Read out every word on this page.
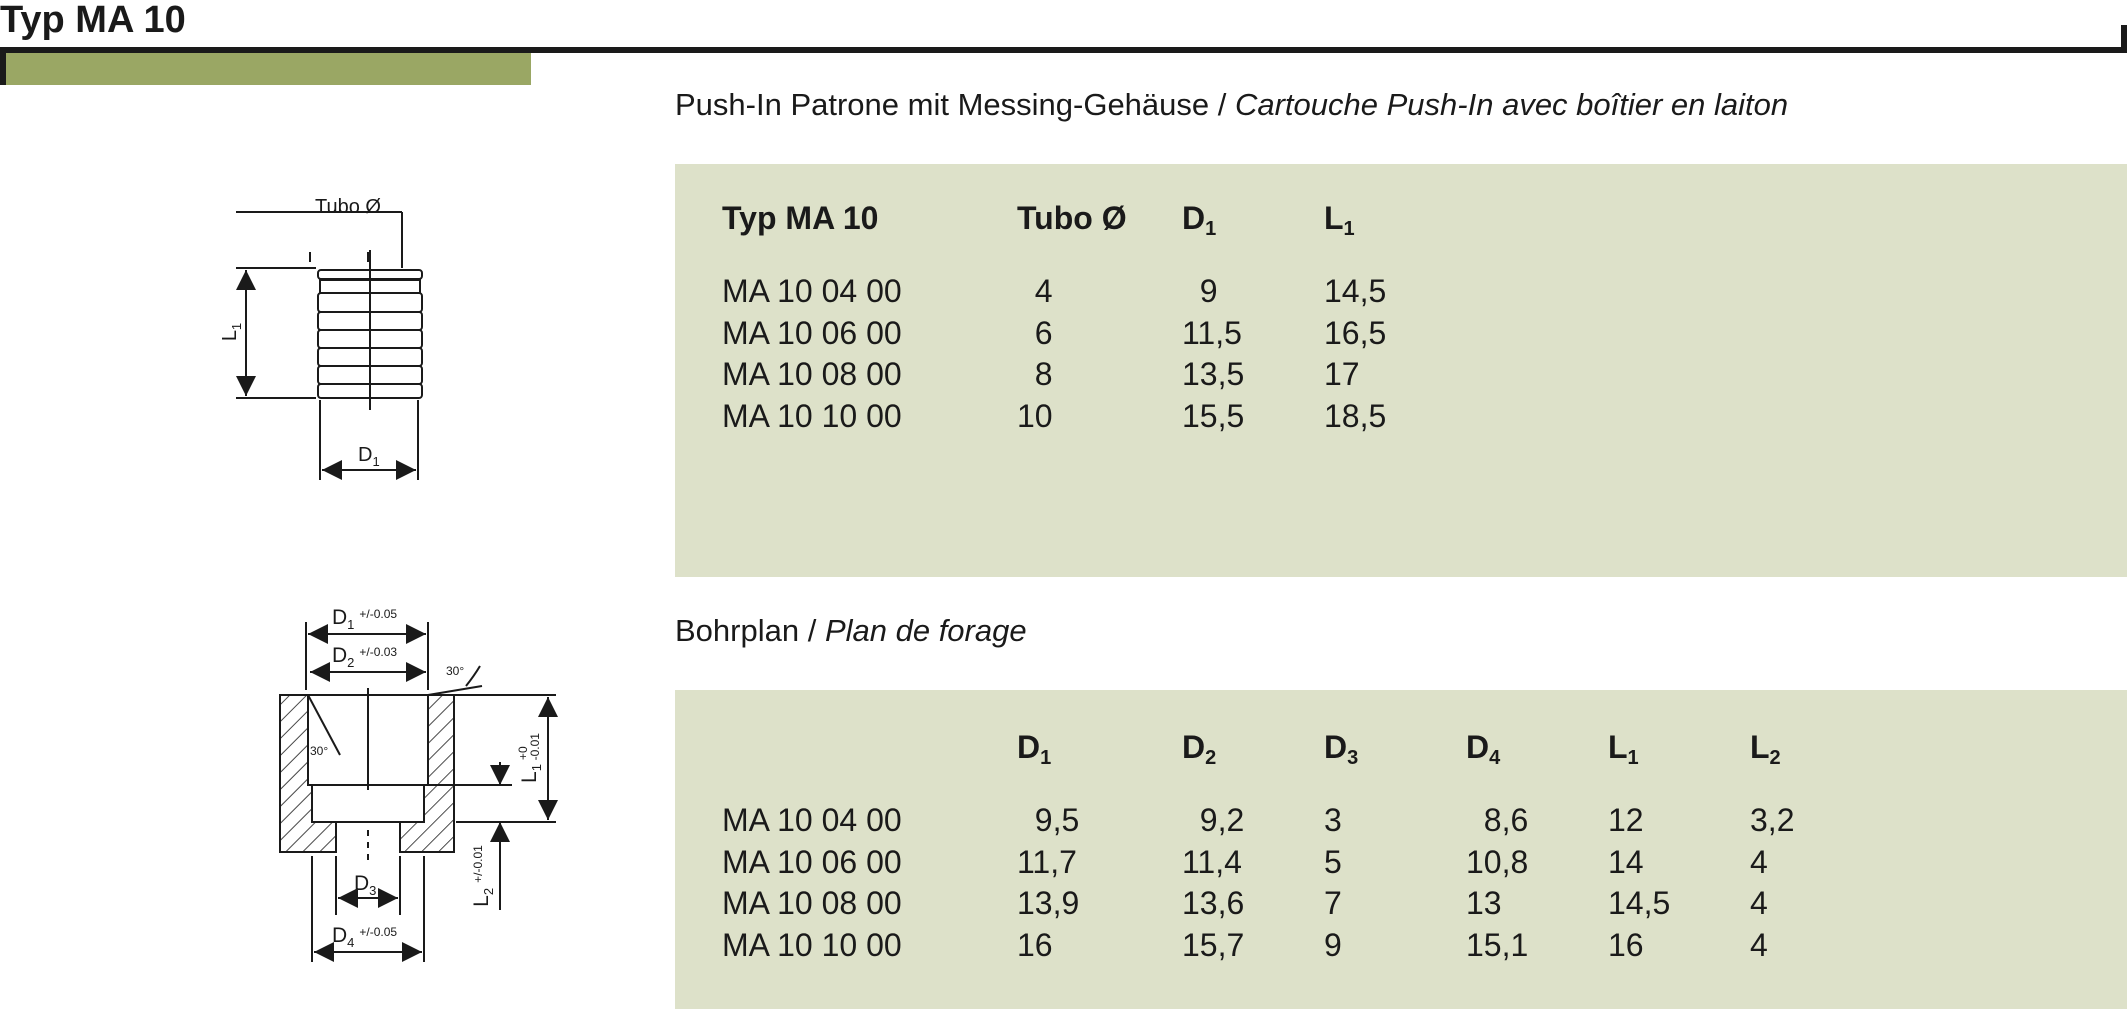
Typ MA 10
Tubo Ø
$L_1$
$D_1$
$D_1^{+/-0.05}$
$D_2^{+/-0.03}$
30°
30°
$L_1^{+0}-0.01$
$L_2^{+/-0.01}$
$D_3$
$D_4^{+/-0.05}$
Push-In Patrone mit Messing-Gehäuse / Cartouche Push-In avec boîtier en laiton
Typ MA 10	Tubo Ø	$D_1$	$L_1$

MA 10 04 00	4	9	14,5
MA 10 06 00	6	11,5	16,5
MA 10 08 00	8	13,5	17
MA 10 10 00	10	15,5	18,5
Bohrplan / Plan de forage
	$D_1$	$D_2$	$D_3$	$D_4$	$L_1$	$L_2$

MA 10 04 00	9,5	9,2	3	8,6	12	3,2
MA 10 06 00	11,7	11,4	5	10,8	14	4
MA 10 08 00	13,9	13,6	7	13	14,5	4
MA 10 10 00	16	15,7	9	15,1	16	4
